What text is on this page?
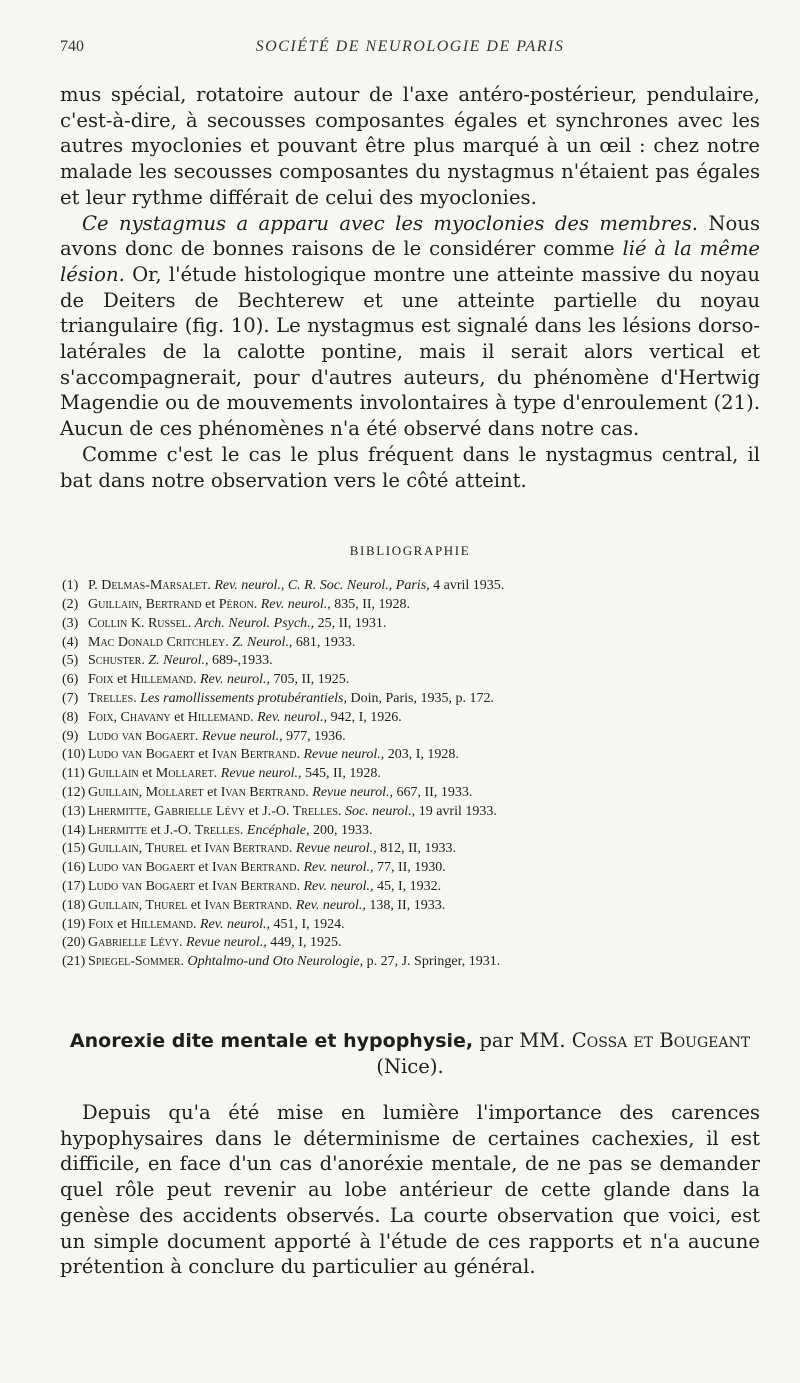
740	SOCIÉTÉ DE NEUROLOGIE DE PARIS

mus spécial, rotatoire autour de l'axe antéro-postérieur, pendulaire, c'est-à-dire, à secousses composantes égales et synchrones avec les autres myoclonies et pouvant être plus marqué à un œil : chez notre malade les secousses composantes du nystagmus n'étaient pas égales et leur rythme différait de celui des myoclonies.

Ce nystagmus a apparu avec les myoclonies des membres. Nous avons donc de bonnes raisons de le considérer comme lié à la même lésion. Or, l'étude histologique montre une atteinte massive du noyau de Deiters de Bechterew et une atteinte partielle du noyau triangulaire (fig. 10). Le nystagmus est signalé dans les lésions dorso-latérales de la calotte pontine, mais il serait alors vertical et s'accompagnerait, pour d'autres auteurs, du phénomène d'Hertwig Magendie ou de mouvements involontaires à type d'enroulement (21). Aucun de ces phénomènes n'a été observé dans notre cas.

Comme c'est le cas le plus fréquent dans le nystagmus central, il bat dans notre observation vers le côté atteint.

BIBLIOGRAPHIE
(1) P. Delmas-Marsalet. Rev. neurol., C. R. Soc. Neurol., Paris, 4 avril 1935.
(2) Guillain, Bertrand et Péron. Rev. neurol., 835, II, 1928.
(3) Collin K. Russel. Arch. Neurol. Psych., 25, II, 1931.
(4) Mac Donald Critchley. Z. Neurol., 681, 1933.
(5) Schuster. Z. Neurol., 689-,1933.
(6) Foix et Hillemand. Rev. neurol., 705, II, 1925.
(7) Trelles. Les ramollissements protubérantiels, Doin, Paris, 1935, p. 172.
(8) Foix, Chavany et Hillemand. Rev. neurol., 942, I, 1926.
(9) Ludo van Bogaert. Revue neurol., 977, 1936.
(10) Ludo van Bogaert et Ivan Bertrand. Revue neurol., 203, I, 1928.
(11) Guillain et Mollaret. Revue neurol., 545, II, 1928.
(12) Guillain, Mollaret et Ivan Bertrand. Revue neurol., 667, II, 1933.
(13) Lhermitte, Gabrielle Lévy et J.-O. Trelles. Soc. neurol., 19 avril 1933.
(14) Lhermitte et J.-O. Trelles. Encéphale, 200, 1933.
(15) Guillain, Thurel et Ivan Bertrand. Revue neurol., 812, II, 1933.
(16) Ludo van Bogaert et Ivan Bertrand. Rev. neurol., 77, II, 1930.
(17) Ludo van Bogaert et Ivan Bertrand. Rev. neurol., 45, I, 1932.
(18) Guillain, Thurel et Ivan Bertrand. Rev. neurol., 138, II, 1933.
(19) Foix et Hillemand. Rev. neurol., 451, I, 1924.
(20) Gabrielle Lévy. Revue neurol., 449, I, 1925.
(21) Spiegel-Sommer. Ophtalmo-und Oto Neurologie, p. 27, J. Springer, 1931.
Anorexie dite mentale et hypophysie, par MM. Cossa et Bougeant
(Nice).

Depuis qu'a été mise en lumière l'importance des carences hypophysaires dans le déterminisme de certaines cachexies, il est difficile, en face d'un cas d'anoréxie mentale, de ne pas se demander quel rôle peut revenir au lobe antérieur de cette glande dans la genèse des accidents observés. La courte observation que voici, est un simple document apporté à l'étude de ces rapports et n'a aucune prétention à conclure du particulier au général.
